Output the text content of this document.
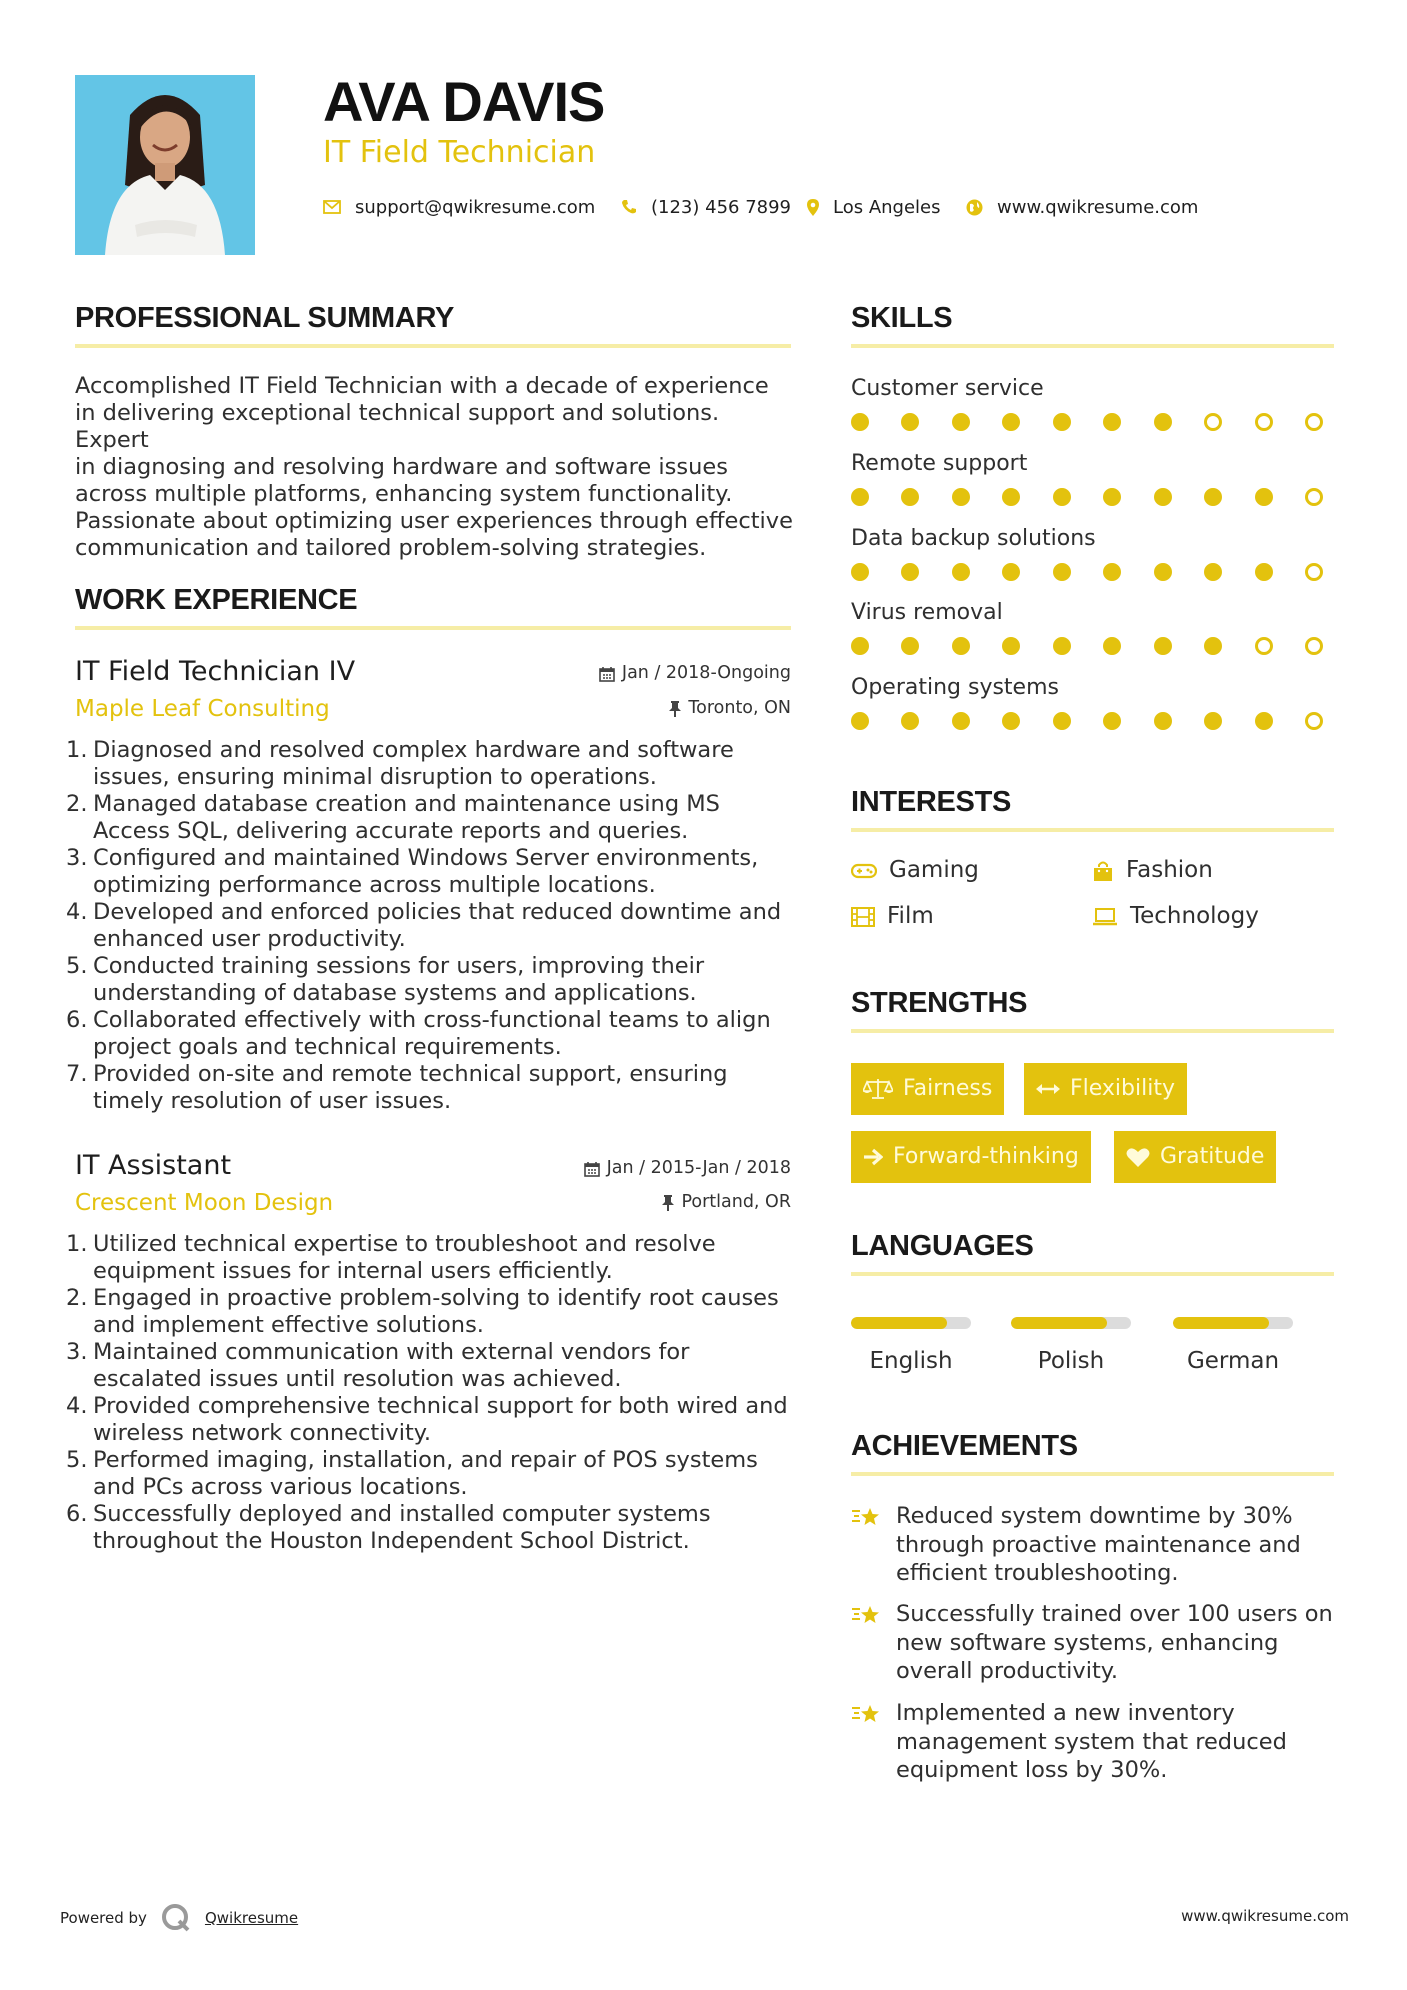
AVA DAVIS
IT Field Technician
support@qwikresume.com	(123) 456 7899 Los Angeles	www.qwikresume.com
PROFESSIONAL SUMMARY
Accomplished IT Field Technician with a decade of experience
in delivering exceptional technical support and solutions. Expert
in diagnosing and resolving hardware and software issues
across multiple platforms, enhancing system functionality.
Passionate about optimizing user experiences through effective
communication and tailored problem-solving strategies.
WORK EXPERIENCE
IT Field Technician IV	Jan / 2018-Ongoing
Maple Leaf Consulting	Toronto, ON
1. Diagnosed and resolved complex hardware and software
issues, ensuring minimal disruption to operations.
2. Managed database creation and maintenance using MS
Access SQL, delivering accurate reports and queries.
3. Configured and maintained Windows Server environments,
optimizing performance across multiple locations.
4. Developed and enforced policies that reduced downtime and
enhanced user productivity.
5. Conducted training sessions for users, improving their
understanding of database systems and applications.
6. Collaborated effectively with cross-functional teams to align
project goals and technical requirements.
7. Provided on-site and remote technical support, ensuring
timely resolution of user issues.
IT Assistant	Jan / 2015-Jan / 2018
Crescent Moon Design	Portland, OR
1. Utilized technical expertise to troubleshoot and resolve
equipment issues for internal users efficiently.
2. Engaged in proactive problem-solving to identify root causes
and implement effective solutions.
3. Maintained communication with external vendors for
escalated issues until resolution was achieved.
4. Provided comprehensive technical support for both wired and
wireless network connectivity.
5. Performed imaging, installation, and repair of POS systems
and PCs across various locations.
6. Successfully deployed and installed computer systems
throughout the Houston Independent School District.
SKILLS
Customer service
Remote support
Data backup solutions
Virus removal
Operating systems
INTERESTS
Gaming	Fashion
Film	Technology
STRENGTHS
Fairness	Flexibility
Forward-thinking	Gratitude
LANGUAGES
English	Polish	German
ACHIEVEMENTS
Reduced system downtime by 30%
through proactive maintenance and
efficient troubleshooting.
Successfully trained over 100 users on
new software systems, enhancing
overall productivity.
Implemented a new inventory
management system that reduced
equipment loss by 30%.
Powered by	Qwikresume	www.qwikresume.com
